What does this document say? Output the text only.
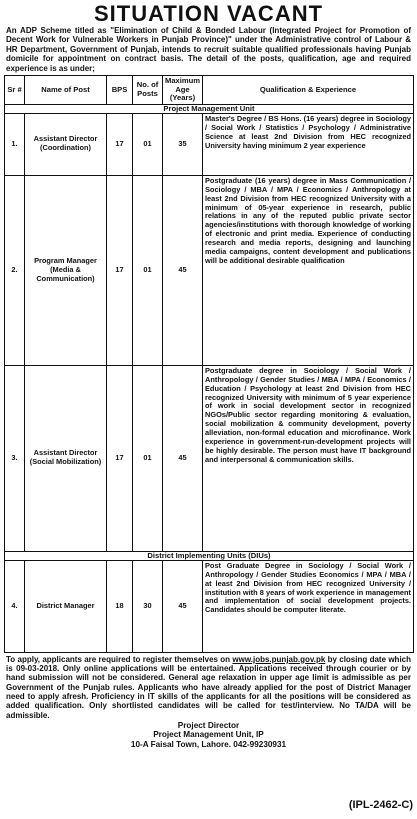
SITUATION VACANT

An ADP Scheme titled as "Elimination of Child & Bonded Labour (Integrated Project for Promotion of Decent Work for Vulnerable Workers in Punjab Province)" under the Administrative control of Labour & HR Department, Government of Punjab, intends to recruit suitable qualified professionals having Punjab domicile for appointment on contract basis. The detail of the posts, qualification, age and required experience is as under;

Sr #	Name of Post	BPS	No. of Posts	Maximum Age (Years)	Qualification & Experience
Project Management Unit					
1.	Assistant Director (Coordination)	17	01	35	Master's Degree / BS Hons. (16 years) degree in Sociology / Social Work / Statistics / Psychology / Administrative Science at least 2nd Division from HEC recognized University having minimum 2 year experience
2.	Program Manager (Media & Communication)	17	01	45	Postgraduate (16 years) degree in Mass Communication / Sociology / MBA / MPA / Economics / Anthropology at least 2nd Division from HEC recognized University with a minimum of 05-year experience in research, public relations in any of the reputed public private sector agencies/institutions with thorough knowledge of working of electronic and print media. Experience of conducting research and media reports, designing and launching media campaigns, content development and publications will be additional desirable qualification
3.	Assistant Director (Social Mobilization)	17	01	45	Postgraduate degree in Sociology / Social Work / Anthropology / Gender Studies / MBA / MPA / Economics / Education / Psychology at least 2nd Division from HEC recognized University with minimum of 5 year experience of work in social development sector in recognized NGOs/Public sector regarding monitoring & evaluation, social mobilization & community development, poverty alleviation, non-formal education and microfinance. Work experience in government-run-development projects will be highly desirable. The person must have IT background and interpersonal & communication skills.
District Implementing Units (DIUs)					
4.	District Manager	18	30	45	Post Graduate Degree in Sociology / Social Work / Anthropology / Gender Studies Economics / MPA / MBA / at least 2nd Division from HEC recognized University / institution with 8 years of work experience in management and implementation of social development projects. Candidates should be computer literate.

To apply, applicants are required to register themselves on www.jobs.punjab.gov.pk by closing date which is 09-03-2018. Only online applications will be entertained. Applications received through courier or by hand submission will not be considered. General age relaxation in upper age limit is admissible as per Government of the Punjab rules. Applicants who have already applied for the post of District Manager need to apply afresh. Proficiency in IT skills of the applicants for all the positions will be considered as added qualification. Only shortlisted candidates will be called for test/interview. No TA/DA will be admissible.

Project Director
Project Management Unit, IP
10-A Faisal Town, Lahore. 042-99230931
(IPL-2462-C)
